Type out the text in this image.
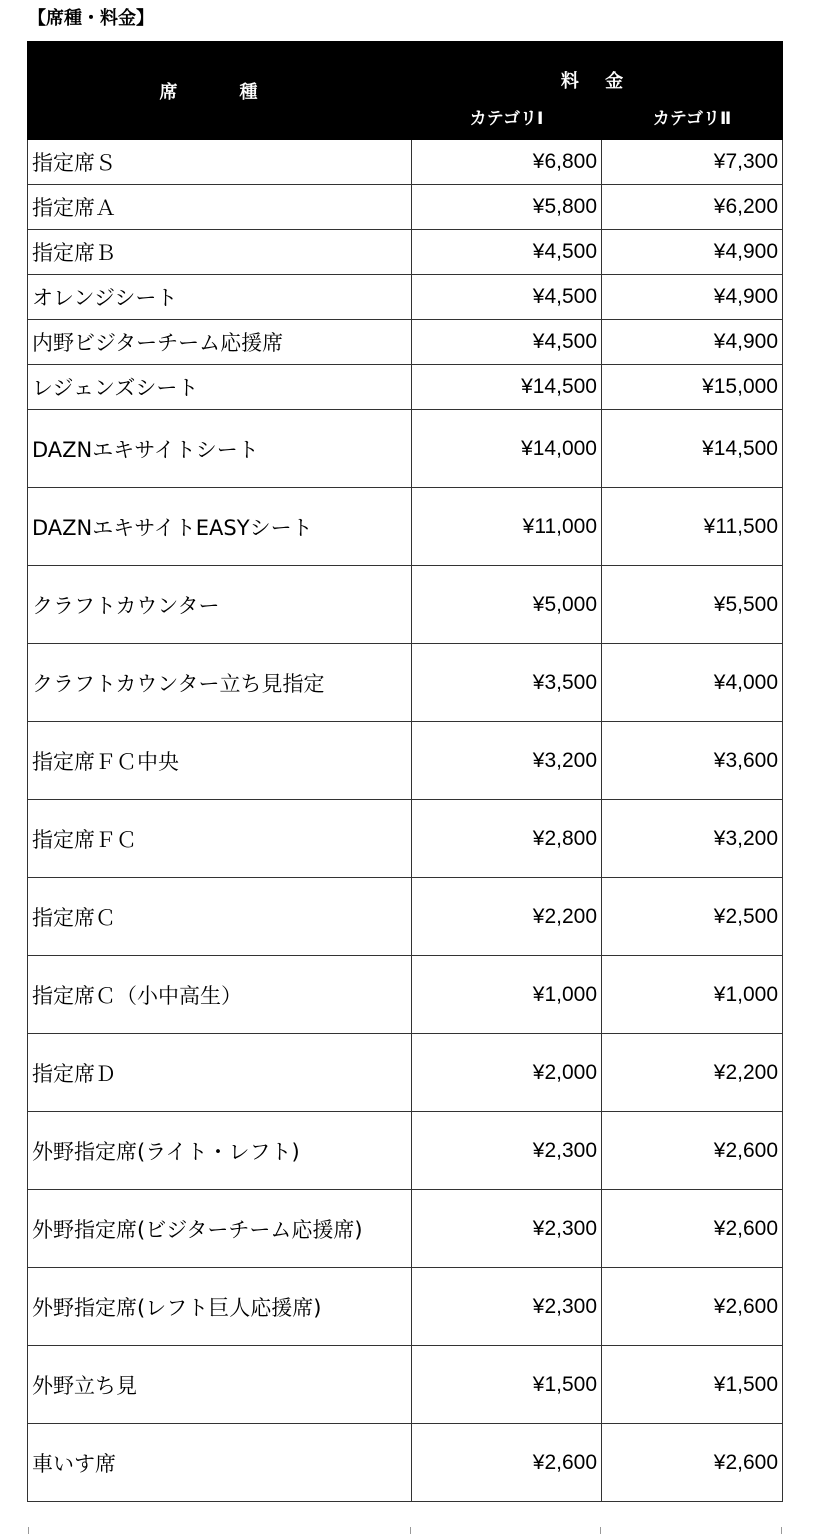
【席種・料金】
席　種	料 金	
	カテゴリⅠ	カテゴリⅡ
指定席Ｓ	¥6,800	¥7,300
指定席Ａ	¥5,800	¥6,200
指定席Ｂ	¥4,500	¥4,900
オレンジシート	¥4,500	¥4,900
内野ビジターチーム応援席	¥4,500	¥4,900
レジェンズシート	¥14,500	¥15,000
DAZNエキサイトシート	¥14,000	¥14,500
DAZNエキサイトEASYシート	¥11,000	¥11,500
クラフトカウンター	¥5,000	¥5,500
クラフトカウンター立ち見指定	¥3,500	¥4,000
指定席ＦＣ中央	¥3,200	¥3,600
指定席ＦＣ	¥2,800	¥3,200
指定席Ｃ	¥2,200	¥2,500
指定席Ｃ（小中高生）	¥1,000	¥1,000
指定席Ｄ	¥2,000	¥2,200
外野指定席(ライト・レフト)	¥2,300	¥2,600
外野指定席(ビジターチーム応援席)	¥2,300	¥2,600
外野指定席(レフト巨人応援席)	¥2,300	¥2,600
外野立ち見	¥1,500	¥1,500
車いす席	¥2,600	¥2,600
